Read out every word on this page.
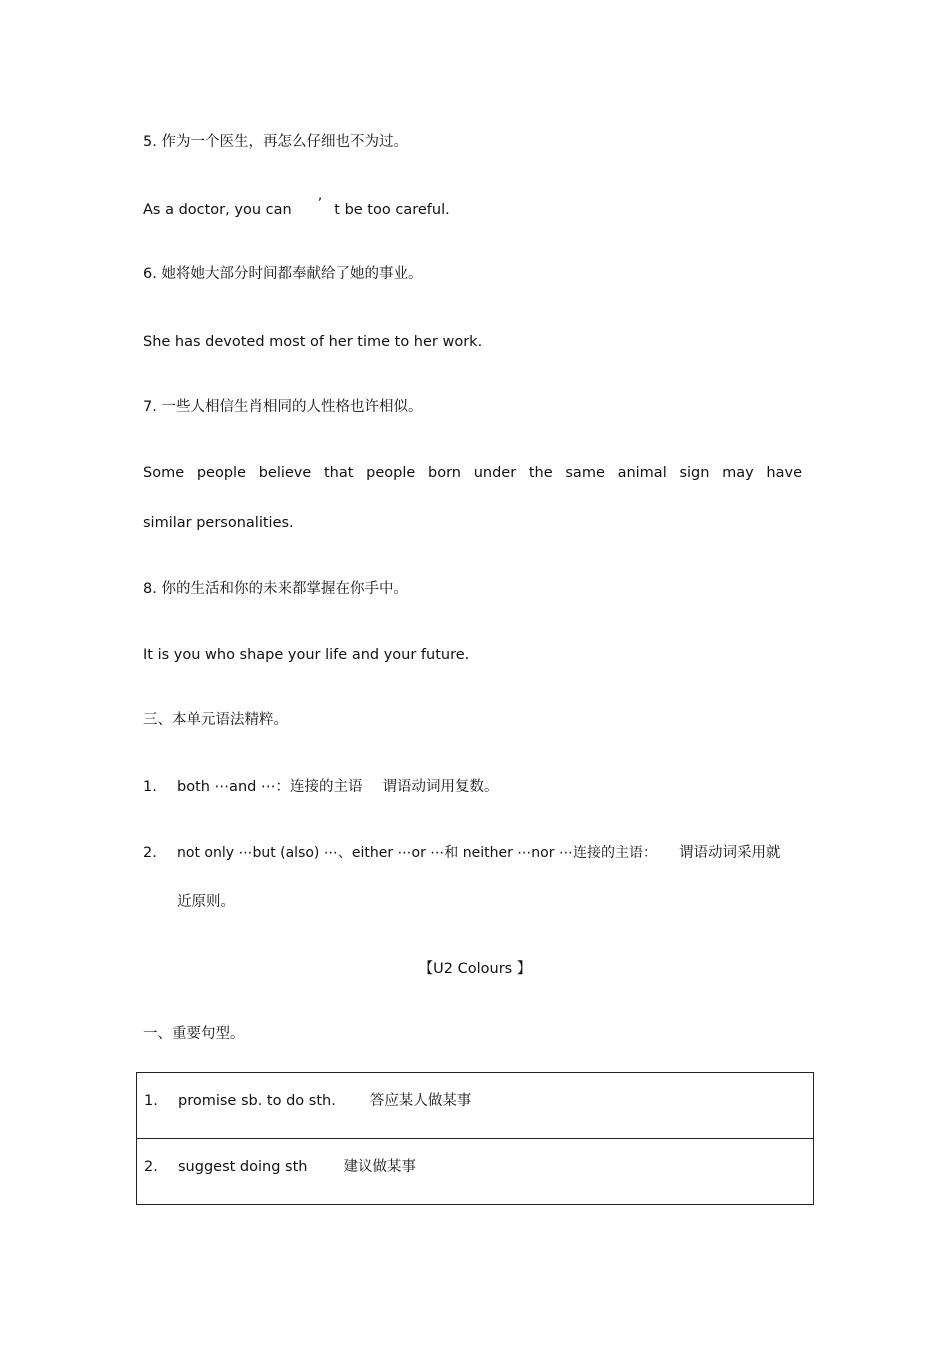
5. 作为一个医生，再怎么仔细也不为过。
As a doctor, you can ’ t be too careful.
6. 她将她大部分时间都奉献给了她的事业。
She has devoted most of her time to her work.
7. 一些人相信生肖相同的人性格也许相似。
Some people believe that people born under the same animal sign may have
similar personalities.
8. 你的生活和你的未来都掌握在你手中。
It is you who shape your life and your future.
三、本单元语法精粹。
1. both ⋯and ⋯：连接的主语 谓语动词用复数。
2. not only ⋯but (also) ⋯、either ⋯or ⋯和 neither ⋯nor ⋯连接的主语： 谓语动词采用就
近原则。
【U2 Colours 】
一、重要句型。
1. promise sb. to do sth. 答应某人做某事

2. suggest doing sth 建议做某事
